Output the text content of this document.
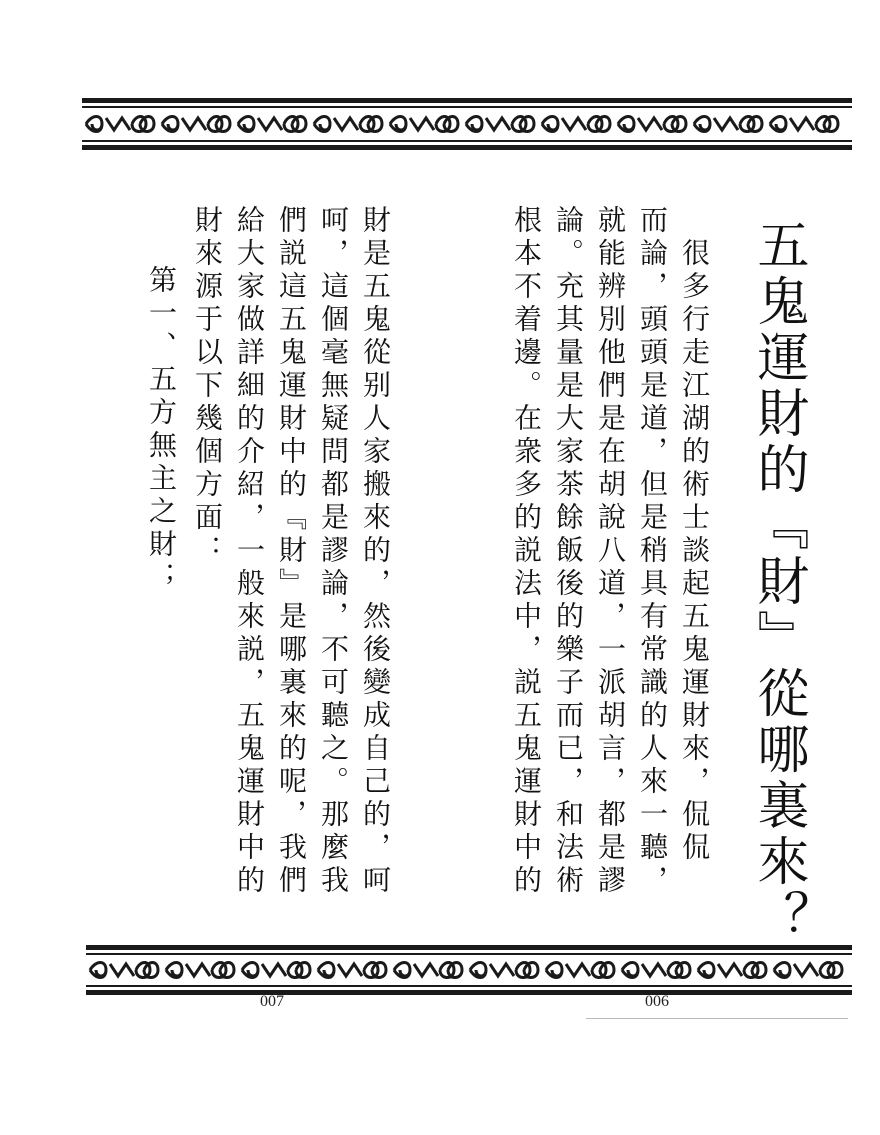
五鬼運財的『財』從哪裏來？
　很多行走江湖的術士談起五鬼運財來，侃侃
而論，頭頭是道，但是稍具有常識的人來一聽，
就能辨別他們是在胡說八道，一派胡言，都是謬
論。充其量是大家茶餘飯後的樂子而已，和法術
根本不着邊。在衆多的説法中，説五鬼運財中的
財是五鬼從别人家搬來的，然後變成自己的，呵
呵，這個毫無疑問都是謬論，不可聽之。那麼我
們説這五鬼運財中的『財』是哪裏來的呢，我們
給大家做詳細的介紹，一般來説，五鬼運財中的
財來源于以下幾個方面：
第一、五方無主之財；
007	006
